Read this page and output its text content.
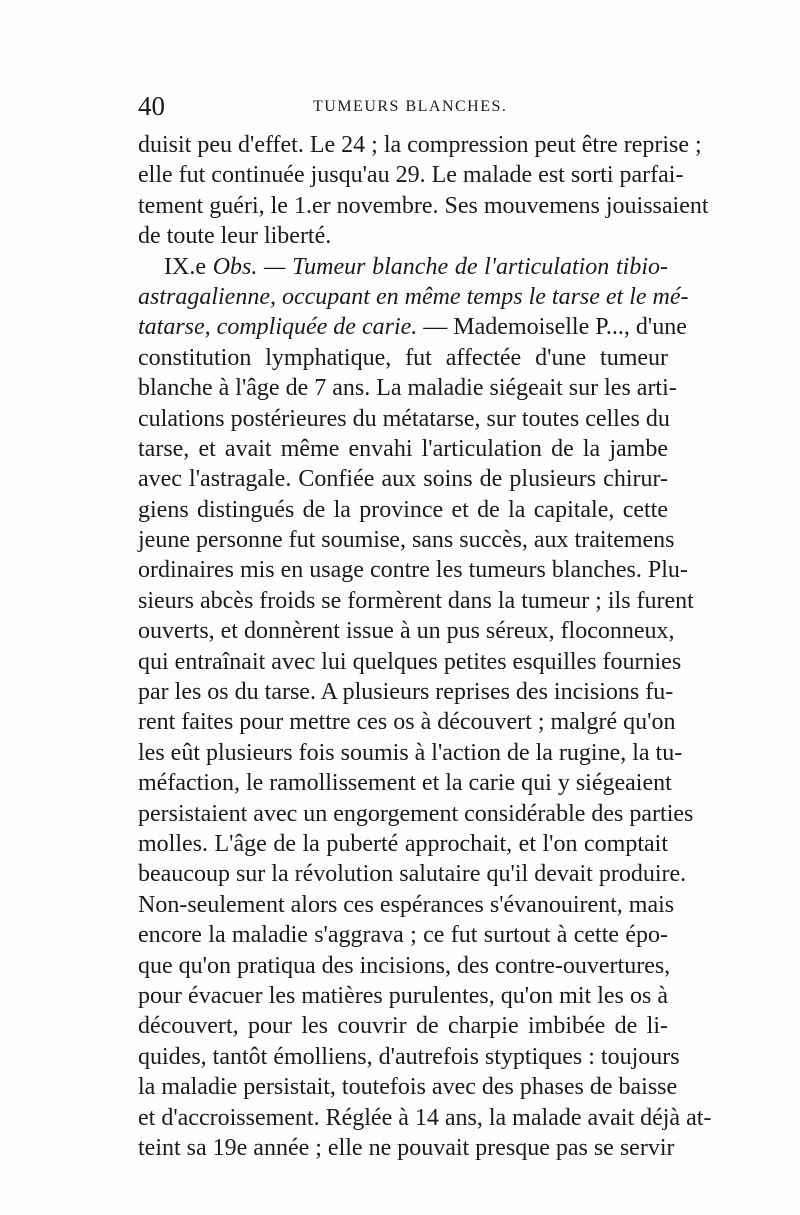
40	TUMEURS BLANCHES.
duisit peu d'effet. Le 24 ; la compression peut être reprise ;
elle fut continuée jusqu'au 29. Le malade est sorti parfai-
tement guéri, le 1.er novembre. Ses mouvemens jouissaient
de toute leur liberté.
IX.e Obs. — Tumeur blanche de l'articulation tibio-
astragalienne, occupant en même temps le tarse et le mé-
tatarse, compliquée de carie. — Mademoiselle P..., d'une
constitution lymphatique, fut affectée d'une tumeur
blanche à l'âge de 7 ans. La maladie siégeait sur les arti-
culations postérieures du métatarse, sur toutes celles du
tarse, et avait même envahi l'articulation de la jambe
avec l'astragale. Confiée aux soins de plusieurs chirur-
giens distingués de la province et de la capitale, cette
jeune personne fut soumise, sans succès, aux traitemens
ordinaires mis en usage contre les tumeurs blanches. Plu-
sieurs abcès froids se formèrent dans la tumeur ; ils furent
ouverts, et donnèrent issue à un pus séreux, floconneux,
qui entraînait avec lui quelques petites esquilles fournies
par les os du tarse. A plusieurs reprises des incisions fu-
rent faites pour mettre ces os à découvert ; malgré qu'on
les eût plusieurs fois soumis à l'action de la rugine, la tu-
méfaction, le ramollissement et la carie qui y siégeaient
persistaient avec un engorgement considérable des parties
molles. L'âge de la puberté approchait, et l'on comptait
beaucoup sur la révolution salutaire qu'il devait produire.
Non-seulement alors ces espérances s'évanouirent, mais
encore la maladie s'aggrava ; ce fut surtout à cette épo-
que qu'on pratiqua des incisions, des contre-ouvertures,
pour évacuer les matières purulentes, qu'on mit les os à
découvert, pour les couvrir de charpie imbibée de li-
quides, tantôt émolliens, d'autrefois styptiques : toujours
la maladie persistait, toutefois avec des phases de baisse
et d'accroissement. Réglée à 14 ans, la malade avait déjà at-
teint sa 19e année ; elle ne pouvait presque pas se servir
